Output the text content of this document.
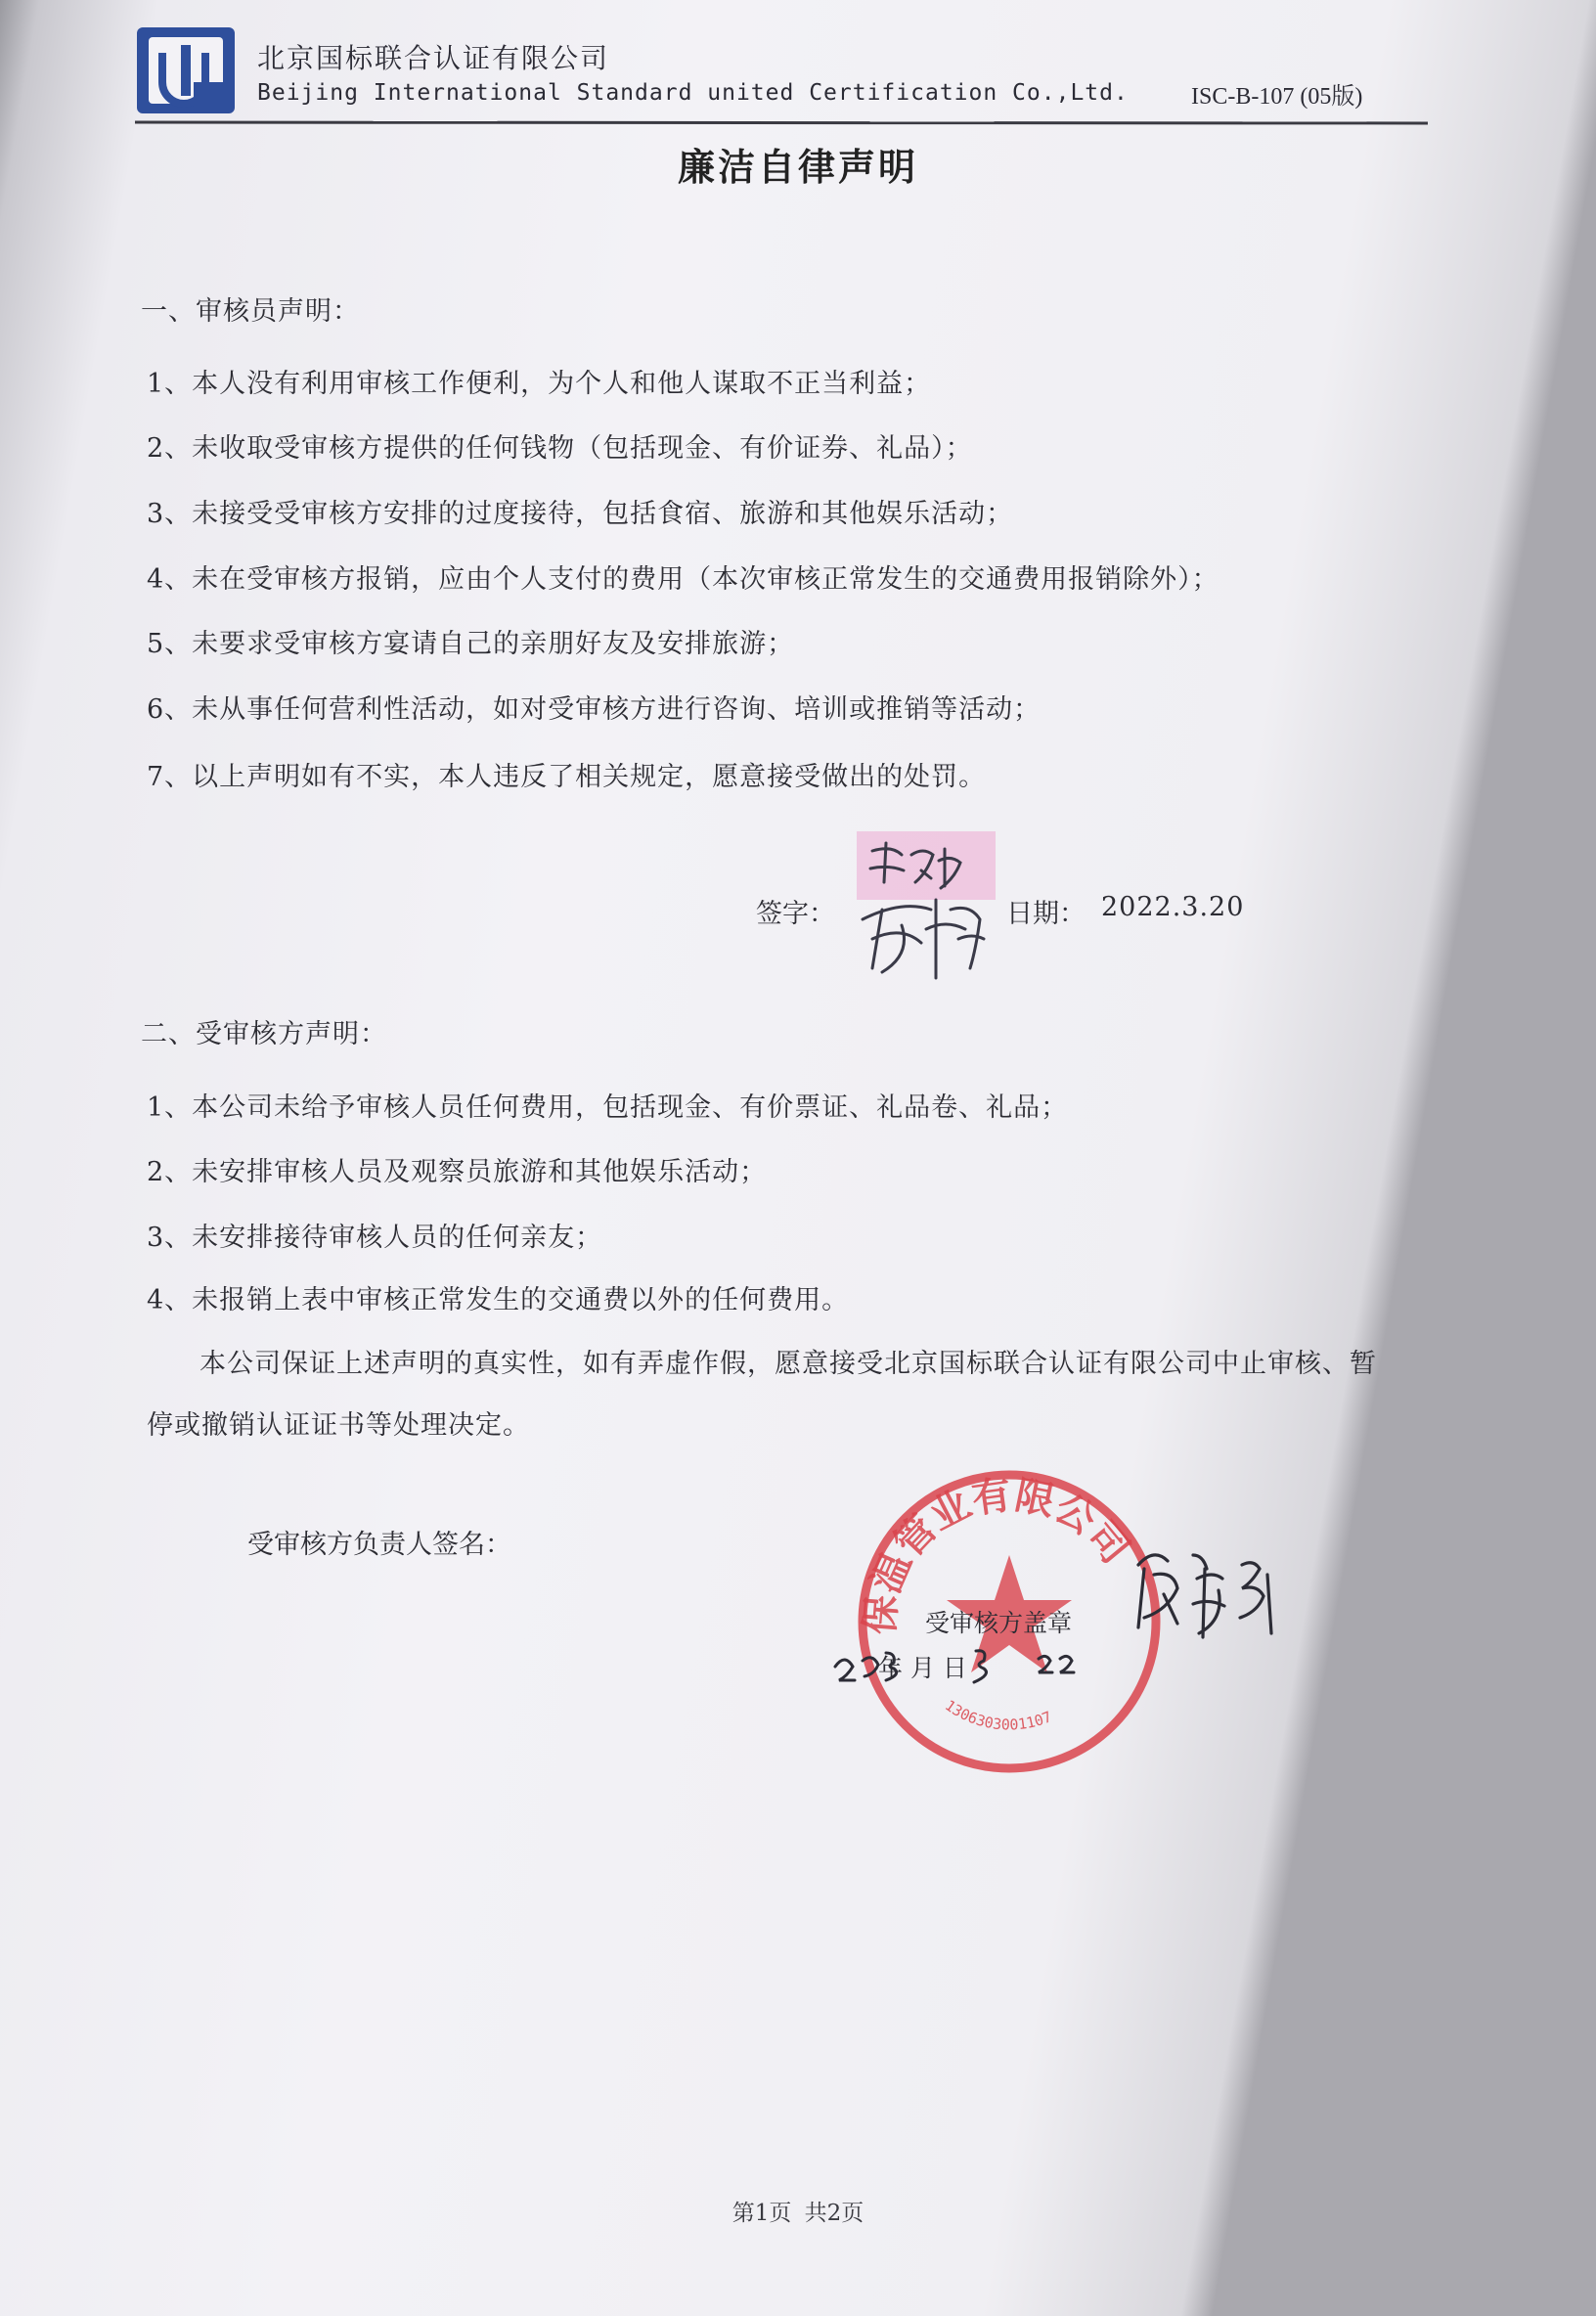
北京国标联合认证有限公司
Beijing International Standard united Certification Co.,Ltd.	ISC-B-107 (05版)
廉洁自律声明
一、审核员声明：
1、本人没有利用审核工作便利，为个人和他人谋取不正当利益；
2、未收取受审核方提供的任何钱物（包括现金、有价证券、礼品）；
3、未接受受审核方安排的过度接待，包括食宿、旅游和其他娱乐活动；
4、未在受审核方报销，应由个人支付的费用（本次审核正常发生的交通费用报销除外）；
5、未要求受审核方宴请自己的亲朋好友及安排旅游；
6、未从事任何营利性活动，如对受审核方进行咨询、培训或推销等活动；
7、以上声明如有不实，本人违反了相关规定，愿意接受做出的处罚。
签字：	日期： 2022.3.20
二、受审核方声明：
1、本公司未给予审核人员任何费用，包括现金、有价票证、礼品卷、礼品；
2、未安排审核人员及观察员旅游和其他娱乐活动；
3、未安排接待审核人员的任何亲友；
4、未报销上表中审核正常发生的交通费以外的任何费用。
本公司保证上述声明的真实性，如有弄虚作假，愿意接受北京国标联合认证有限公司中止审核、暂
停或撤销认证证书等处理决定。
受审核方负责人签名：
保温管业有限公司
1306303001107
受审核方盖章
年 月 日
第1页 共2页
